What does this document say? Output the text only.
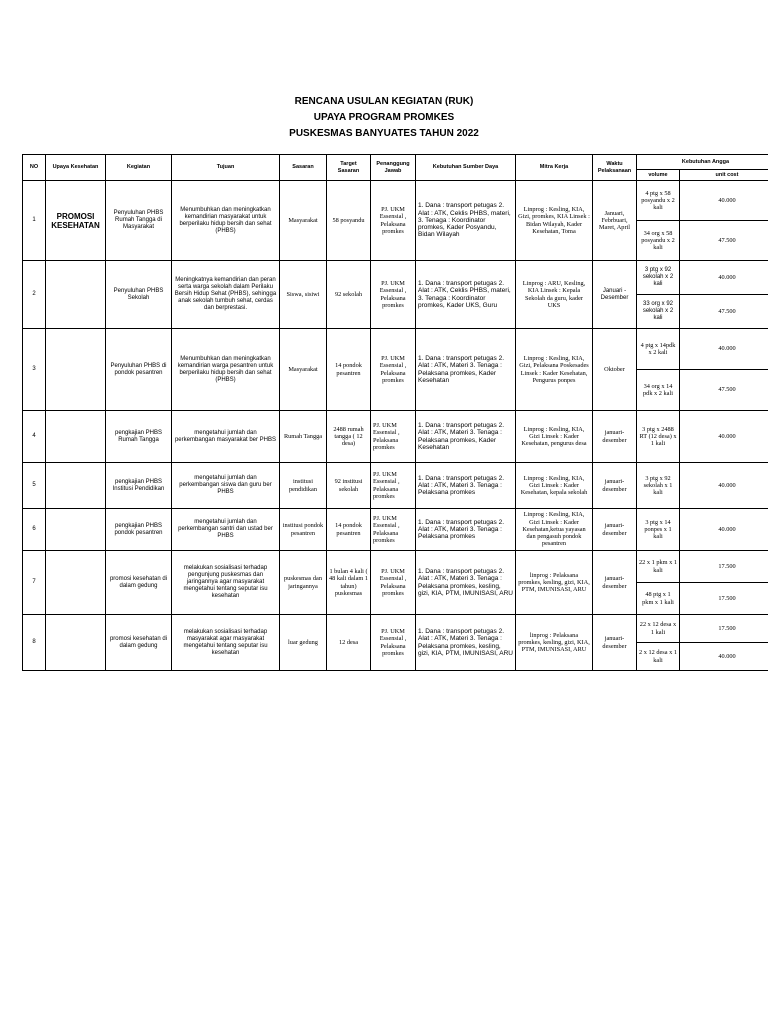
RENCANA USULAN KEGIATAN (RUK)
UPAYA PROGRAM PROMKES
PUSKESMAS BANYUATES TAHUN 2022
NO	Upaya Kesehatan	Kegiatan	Tujuan	Sasaran	Target Sasaran	Penanggung Jawab	Kebutuhan Sumber Daya	Mitra Kerja	Waktu Pelaksanaan	Kebutuhan Angga	
										volume	unit cost
1	PROMOSI KESEHATAN	Penyuluhan PHBS Rumah Tangga di Masyarakat	Menumbuhkan dan meningkatkan kemandirian masyarakat untuk berperilaku hidup bersih dan sehat (PHBS)	Masyarakat	58 posyandu	PJ. UKM Essensial , Pelaksana promkes	1. Dana : transport petugas 2. Alat : ATK, Ceklis PHBS, materi, 3. Tenaga : Koordinator promkes, Kader Posyandu, Bidan Wilayah	Linprog : Kesling, KIA, Gizi, promkes, KIA Linsek : Bidan Wilayah, Kader Kesehatan, Toma	Januari, Febrbuari, Maret, April	4 ptg x 58 posyandu x 2 kali	40.000
										34 org x 58 posyandu x 2 kali	47.500
2		Penyuluhan PHBS Sekolah	Meningkatnya kemandirian dan peran serta warga sekolah dalam Perilaku Bersih Hidup Sehat (PHBS), sehingga anak sekolah tumbuh sehat, cerdas dan berprestasi.	Siswa, sisiwi	92 sekolah	PJ. UKM Essensial , Pelaksana promkes	1. Dana : transport petugas 2. Alat : ATK, Ceklis PHBS, materi, 3. Tenaga : Koordinator promkes, Kader UKS, Guru	Linprog : ARU, Kesling, KIA Linsek : Kepala Sekolah da guru, kader UKS	Januari - Desember	3 ptg x 92 sekolah x 2 kali	40.000
										33 org x 92 sekolah x 2 kali	47.500
3		Penyuluhan PHBS di pondok pesantren	Menumbuhkan dan meningkatkan kemandirian warga pesantren untuk berperilaku hidup bersih dan sehat (PHBS)	Masyarakat	14 pondok pesantren	PJ. UKM Essensial , Pelaksana promkes	1. Dana : transport petugas 2. Alat : ATK, Materi 3. Tenaga : Pelaksana promkes, Kader Kesehatan	Linprog : Kesling, KIA, Gizi, Pelaksana Poskesades Linsek : Kader Kesehatan, Pengurus ponpes	Oktober	4 ptg x 14pdk x 2 kali	40.000
										34 org x 14 pdk x 2 kali	47.500
4		pengkajian PHBS Rumah Tangga	mengetahui jumlah dan perkembangan masyarakat ber PHBS	Rumah Tangga	2488 rumah tangga ( 12 desa)	PJ. UKM Essensial , Pelaksana promkes	1. Dana : transport petugas 2. Alat : ATK, Materi 3. Tenaga : Pelaksana promkes, Kader Kesehatan	Linprog : Kesling, KIA, Gizi Linsek : Kader Kesehatan, pengurus desa	januari-desember	3 ptg x 2488 RT (12 desa) x 1 kali	40.000
5		pengkajian PHBS Institusi Pendidikan	mengetahui jumlah dan perkembangan siswa dan guru ber PHBS	institusi pendidikan	92 institusi sekolah	PJ. UKM Essensial , Pelaksana promkes	1. Dana : transport petugas 2. Alat : ATK, Materi 3. Tenaga : Pelaksana promkes	Linprog : Kesling, KIA, Gizi Linsek : Kader Kesehatan, kepala sekolah	januari-desember	3 ptg x 92 sekolah x 1 kali	40.000
6		pengkajian PHBS pondok pesantren	mengetahui jumlah dan perkembangan santri dan ustad ber PHBS	institusi pondok pesantren	14 pondok pesantren	PJ. UKM Essensial , Pelaksana promkes	1. Dana : transport petugas 2. Alat : ATK, Materi 3. Tenaga : Pelaksana promkes	Linprog : Kesling, KIA, Gizi Linsek : Kader Kesehatan,ketua yayasan dan pengasuh pondok pesantren	januari-desember	3 ptg x 14 ponpes x 1 kali	40.000
7		promosi kesehatan di dalam gedung	melakukan sosialisasi terhadap pengunjung puskesmas dan jaringannya agar masyarakat mengetahui tentang seputar isu kesehatan	puskesmas dan jaringannya	1 bulan 4 kali ( 48 kali dalam 1 tahun) puskesmas	PJ. UKM Essensial , Pelaksana promkes	1. Dana : transport petugas 2. Alat : ATK, Materi 3. Tenaga : Pelaksana promkes, kesling, gizi, KIA, PTM, IMUNISASI, ARU	linprog : Pelaksana promkes, kesling, gizi, KIA, PTM, IMUNISASI, ARU	januari-desember	22 x 1 pkm x 1 kali	17.500
										48 ptg x 1 pkm x 1 kali	17.500
8		promosi kesehatan di dalam gedung	melakukan sosialisasi terhadap masyarakat agar masyarakat mengetahui tentang seputar isu kesehatan	luar gedung	12 desa	PJ. UKM Essensial , Pelaksana promkes	1. Dana : transport petugas 2. Alat : ATK, Materi 3. Tenaga : Pelaksana promkes, kesling, gizi, KIA, PTM, IMUNISASI, ARU	linprog : Pelaksana promkes, kesling, gizi, KIA, PTM, IMUNISASI, ARU	januari-desember	22 x 12 desa x 1 kali	17.500
										2 x 12 desa x 1 kali	40.000
